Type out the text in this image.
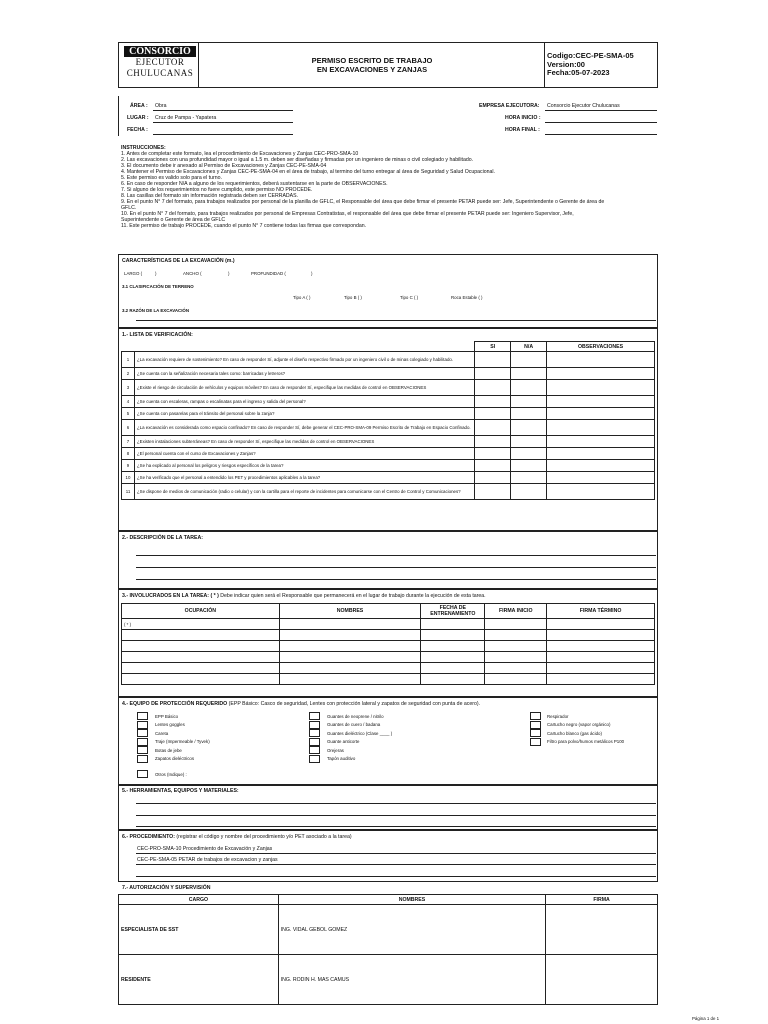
CONSORCIO
EJECUTOR
CHULUCANAS
PERMISO ESCRITO DE TRABAJO
EN EXCAVACIONES Y ZANJAS
Codigo:CEC-PE-SMA-05
Version:00
Fecha:05-07-2023
ÁREA : Obra
LUGAR : Cruz de Pampa - Yapatera
FECHA :
EMPRESA EJECUTORA: Consorcio Ejecutor Chulucanas
HORA INICIO :
HORA FINAL :
INSTRUCCIONES:
1. Antes de completar este formato, lea el procedimiento de Excavaciones y Zanjas CEC-PRO-SMA-10
2. Las excavaciones con una profundidad mayor o igual a 1.5 m. deben ser diseñadas y firmadas por un ingeniero de minas o civil colegiado y habilitado.
3. El documento debe ir anexado al Permiso de Excavaciones y Zanjas CEC-PE-SMA-04
4. Mantener el Permiso de Excavaciones y Zanjas CEC-PE-SMA-04 en el área de trabajo, al termino del turno entregar al área de Seguridad y Salud Ocupacional.
5. Este permiso es valido solo para el turno.
6. En caso de responder N/A a alguno de los requerimientos, deberá sustentarse en la parte de OBSERVACIONES.
7. Si alguno de los requerimientos no fuere cumplido, este permiso NO PROCEDE.
8. Las casillas del formato sin información registrada deben ser CERRADAS.
9. En el punto N° 7 del formato, para trabajos realizados por personal de la planilla de GFLC, el Responsable del área que debe firmar el presente PETAR puede ser: Jefe, Superintendente o Gerente de área de
GFLC.
10. En el punto N° 7 del formato, para trabajos realizados por personal de Empresas Contratistas, el responsable del área que debe firmar el presente PETAR puede ser: Ingeniero Supervisor, Jefe,
Superintendente o Gerente de área de GFLC
11. Este permiso de trabajo PROCEDE, cuando el punto N° 7 contiene todas las firmas que correspondan.
CARACTERÍSTICAS DE LA EXCAVACIÓN (m.)
LARGO (	)	ANCHO (	)	PROFUNDIDAD (	)
3.1 CLASIFICACIÓN DE TERRENO
Tipo A ( )	Tipo B ( )	Tipo C ( )	Roca Estable ( )
3.2 RAZÓN DE LA EXCAVACIÓN
1.- LISTA DE VERIFICACIÓN:
		SI	N/A	OBSERVACIONES
1	¿La excavación requiere de sostenimiento? En caso de responder Sí, adjunte el diseño respectivo firmado por un ingeniero civil o de minas colegiado y habilitado.			
2	¿Se cuenta con la señalización necesaria tales como: barricadas y letreros?			
3	¿Existe el riesgo de circulación de vehículos y equipos móviles? En caso de responder Sí, especifique las medidas de control en OBSERVACIONES			
4	¿Se cuenta con escaleras, rampas o escalinatas para el ingreso y salida del personal?			
5	¿Se cuenta con pasarelas para el tránsito del personal sobre la zanja?			
6	¿La excavación es considerada como espacio confinado? En caso de responder Sí, debe generar el CEC-PRO-SMA-09 Permiso Escrito de Trabajo en Espacio Confinado.			
7	¿Existen instalaciones subterráneas? En caso de responder Sí, especifique las medidas de control en OBSERVACIONES			
8	¿El personal cuenta con el curso de Excavaciones y Zanjas?			
9	¿Se ha explicado al personal los peligros y riesgos específicos de la tarea?			
10	¿Se ha verificado que el personal a entendido los PET y procedimientos aplicables a la tarea?			
11	¿Se dispone de medios de comunicación (radio o celular) y con la cartilla para el reporte de incidentes para comunicarse con el Centro de Control y Comunicaciones?			
2.- DESCRIPCIÓN DE LA TAREA:
3.- INVOLUCRADOS EN LA TAREA: ( * ) Debe indicar quien será el Responsable que permanecerá en el lugar de trabajo durante la ejecución de esta tarea.
OCUPACIÓN	NOMBRES	FECHA DE ENTRENAMIENTO	FIRMA INICIO	FIRMA TÉRMINO
( * )				

4.- EQUIPO DE PROTECCIÓN REQUERIDO (EPP Básico: Casco de seguridad, Lentes con protección lateral y zapatos de seguridad con punta de acero).
EPP Básico
Lentes goggles
Careta
Traje (Impermeable / Tyvek)
Botas de jebe
Zapatos dieléctricos
Guantes de neoprene / nitrilo
Guantes de cuero / badana
Guantes dieléctrico (Clase ____ )
Guante anticorte
Orejeras
Tapón auditivo
Respirador
Cartucho negro (vapor orgánico)
Cartucho blanco (gas ácido)
Filtro para polvo/humos metálicos P100
Otros (Indique) :
5.- HERRAMIENTAS, EQUIPOS Y MATERIALES:
6.- PROCEDIMIENTO: (registrar el código y nombre del procedimiento y/o PET asociado a la tarea)
CEC-PRO-SMA-10 Procedimiento de Excavación y Zanjas
CEC-PE-SMA-05 PETAR de trabajos de excavacion y zanjas
7.- AUTORIZACIÓN Y SUPERVISIÓN
CARGO	NOMBRES	FIRMA
ESPECIALISTA DE SST	ING. VIDAL GEBOL GOMEZ	
RESIDENTE	ING. RODIN H. MAS CAMUS	
Página 1 de 1
